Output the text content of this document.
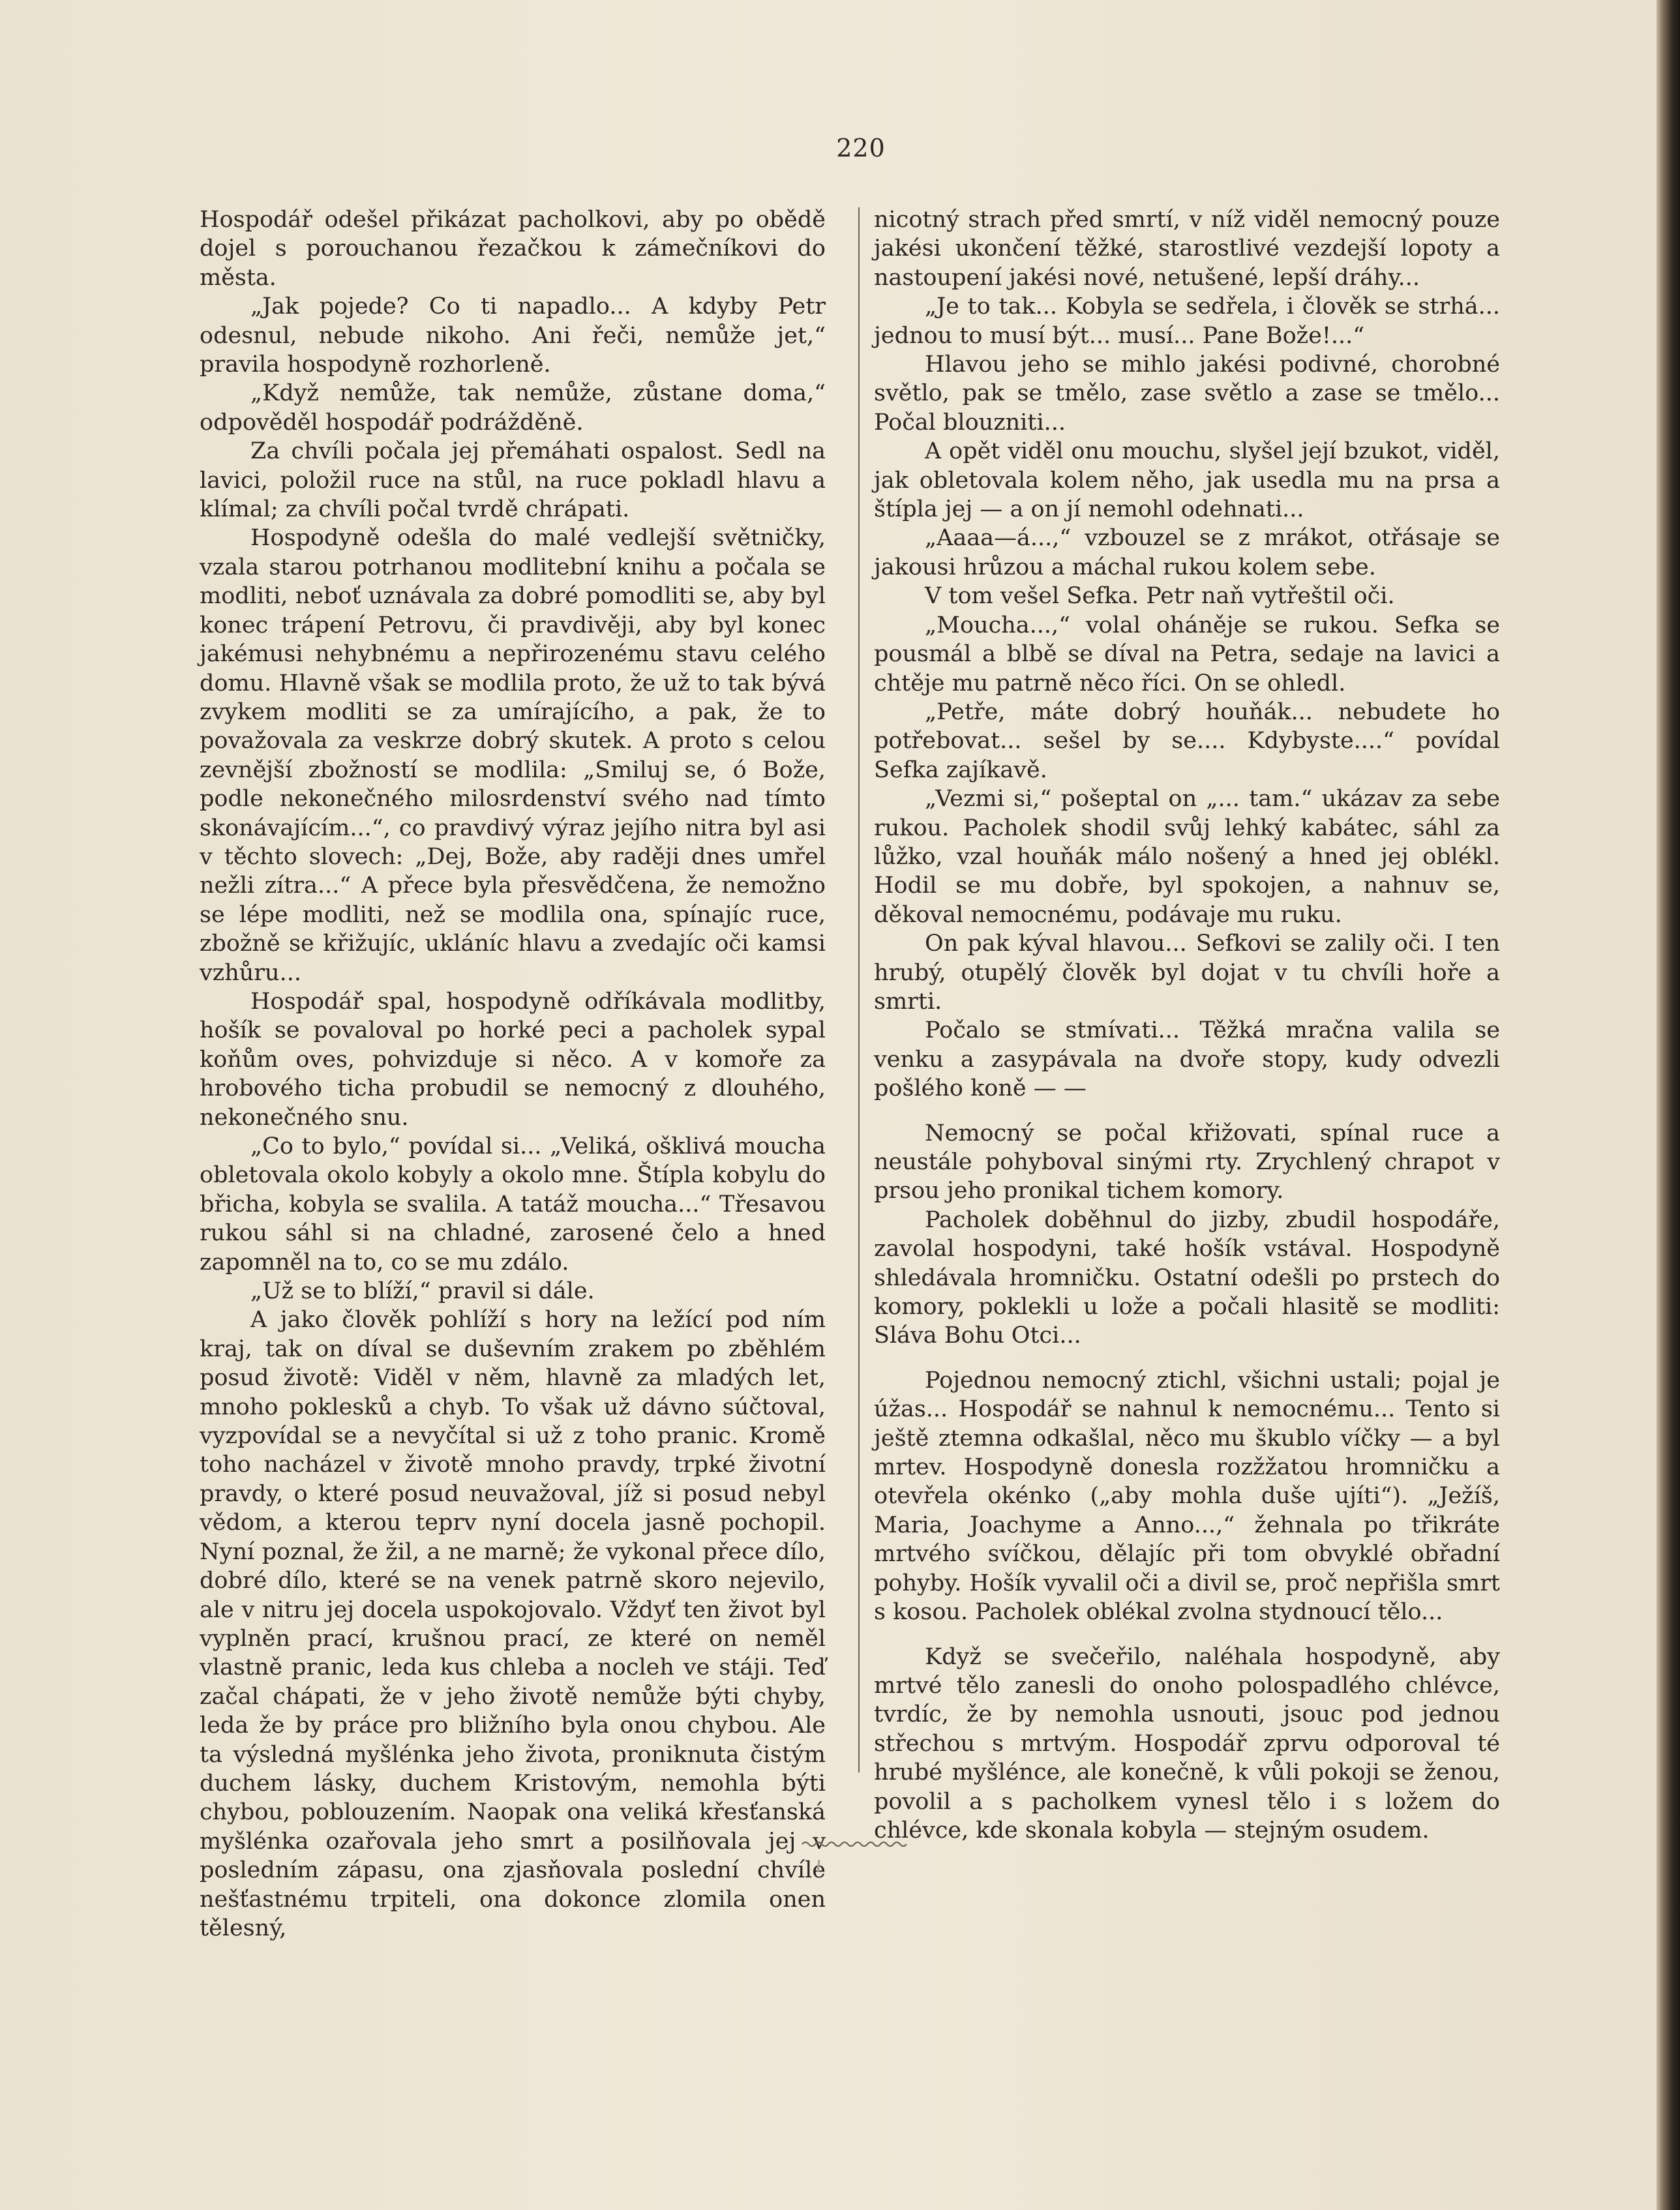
220

Hospodář odešel přikázat pacholkovi, aby po obědě dojel s porouchanou řezačkou k zámečníkovi do města.

„Jak pojede? Co ti napadlo... A kdyby Petr odesnul, nebude nikoho. Ani řeči, nemůže jet,“ pravila hospodyně rozhorleně.

„Když nemůže, tak nemůže, zůstane doma,“ odpověděl hospodář podrážděně.

Za chvíli počala jej přemáhati ospalost. Sedl na lavici, položil ruce na stůl, na ruce pokladl hlavu a klímal; za chvíli počal tvrdě chrápati.

Hospodyně odešla do malé vedlejší světničky, vzala starou potrhanou modlitební knihu a počala se modliti, neboť uznávala za dobré pomodliti se, aby byl konec trápení Petrovu, či pravdivěji, aby byl konec jakémusi nehybnému a nepřirozenému stavu celého domu. Hlavně však se modlila proto, že už to tak bývá zvykem modliti se za umírajícího, a pak, že to považovala za veskrze dobrý skutek. A proto s celou zevnější zbožností se modlila: „Smiluj se, ó Bože, podle nekonečného milosrdenství svého nad tímto skonávajícím...“, co pravdivý výraz jejího nitra byl asi v těchto slovech: „Dej, Bože, aby raději dnes umřel nežli zítra...“ A přece byla přesvědčena, že nemožno se lépe modliti, než se modlila ona, spínajíc ruce, zbožně se křižujíc, ukláníc hlavu a zvedajíc oči kamsi vzhůru...

Hospodář spal, hospodyně odříkávala modlitby, hošík se povaloval po horké peci a pacholek sypal koňům oves, pohvizduje si něco. A v komoře za hrobového ticha probudil se nemocný z dlouhého, nekonečného snu.

„Co to bylo,“ povídal si... „Veliká, ošklivá moucha obletovala okolo kobyly a okolo mne. Štípla kobylu do břicha, kobyla se svalila. A tatáž moucha...“ Třesavou rukou sáhl si na chladné, zarosené čelo a hned zapomněl na to, co se mu zdálo.

„Už se to blíží,“ pravil si dále.

A jako člověk pohlíží s hory na ležící pod ním kraj, tak on díval se duševním zrakem po zběhlém posud životě: Viděl v něm, hlavně za mladých let, mnoho poklesků a chyb. To však už dávno súčtoval, vyzpovídal se a nevyčítal si už z toho pranic. Kromě toho nacházel v životě mnoho pravdy, trpké životní pravdy, o které posud neuvažoval, jíž si posud nebyl vědom, a kterou teprv nyní docela jasně pochopil. Nyní poznal, že žil, a ne marně; že vykonal přece dílo, dobré dílo, které se na venek patrně skoro nejevilo, ale v nitru jej docela uspokojovalo. Vždyť ten život byl vyplněn prací, krušnou prací, ze které on neměl vlastně pranic, leda kus chleba a nocleh ve stáji. Teď začal chápati, že v jeho životě nemůže býti chyby, leda že by práce pro bližního byla onou chybou. Ale ta výsledná myšlénka jeho života, proniknuta čistým duchem lásky, duchem Kristovým, nemohla býti chybou, poblouzením. Naopak ona veliká křesťanská myšlénka ozařovala jeho smrt a posilňovala jej v posledním zápasu, ona zjasňovala poslední chvíle nešťastnému trpiteli, ona dokonce zlomila onen tělesný,

nicotný strach před smrtí, v níž viděl nemocný pouze jakési ukončení těžké, starostlivé vezdejší lopoty a nastoupení jakési nové, netušené, lepší dráhy...

„Je to tak... Kobyla se sedřela, i člověk se strhá... jednou to musí být... musí... Pane Bože!...“

Hlavou jeho se mihlo jakési podivné, chorobné světlo, pak se tmělo, zase světlo a zase se tmělo... Počal blouzniti...

A opět viděl onu mouchu, slyšel její bzukot, viděl, jak obletovala kolem něho, jak usedla mu na prsa a štípla jej — a on jí nemohl odehnati...

„Aaaa—á...,“ vzbouzel se z mrákot, otřásaje se jakousi hrůzou a máchal rukou kolem sebe.

V tom vešel Sefka. Petr naň vytřeštil oči.

„Moucha...,“ volal oháněje se rukou. Sefka se pousmál a blbě se díval na Petra, sedaje na lavici a chtěje mu patrně něco říci. On se ohledl.

„Petře, máte dobrý houňák... nebudete ho potřebovat... sešel by se.... Kdybyste....“ povídal Sefka zajíkavě.

„Vezmi si,“ pošeptal on „... tam.“ ukázav za sebe rukou. Pacholek shodil svůj lehký kabátec, sáhl za lůžko, vzal houňák málo nošený a hned jej oblékl. Hodil se mu dobře, byl spokojen, a nahnuv se, děkoval nemocnému, podávaje mu ruku.

On pak kýval hlavou... Sefkovi se zalily oči. I ten hrubý, otupělý člověk byl dojat v tu chvíli hoře a smrti.

Počalo se stmívati... Těžká mračna valila se venku a zasypávala na dvoře stopy, kudy odvezli pošlého koně — —

Nemocný se počal křižovati, spínal ruce a neustále pohyboval sinými rty. Zrychlený chrapot v prsou jeho pronikal tichem komory.

Pacholek doběhnul do jizby, zbudil hospodáře, zavolal hospodyni, také hošík vstával. Hospodyně shledávala hromničku. Ostatní odešli po prstech do komory, poklekli u lože a počali hlasitě se modliti: Sláva Bohu Otci...

Pojednou nemocný ztichl, všichni ustali; pojal je úžas... Hospodář se nahnul k nemocnému... Tento si ještě ztemna odkašlal, něco mu škublo víčky — a byl mrtev. Hospodyně donesla rozžžatou hromničku a otevřela okénko („aby mohla duše ujíti“). „Ježíš, Maria, Joachyme a Anno...,“ žehnala po třikráte mrtvého svíčkou, dělajíc při tom obvyklé obřadní pohyby. Hošík vyvalil oči a divil se, proč nepřišla smrt s kosou. Pacholek oblékal zvolna stydnoucí tělo...

Když se svečeřilo, naléhala hospodyně, aby mrtvé tělo zanesli do onoho polospadlého chlévce, tvrdíc, že by nemohla usnouti, jsouc pod jednou střechou s mrtvým. Hospodář zprvu odporoval té hrubé myšlénce, ale konečně, k vůli pokoji se ženou, povolil a s pacholkem vynesl tělo i s ložem do chlévce, kde skonala kobyla — stejným osudem.
